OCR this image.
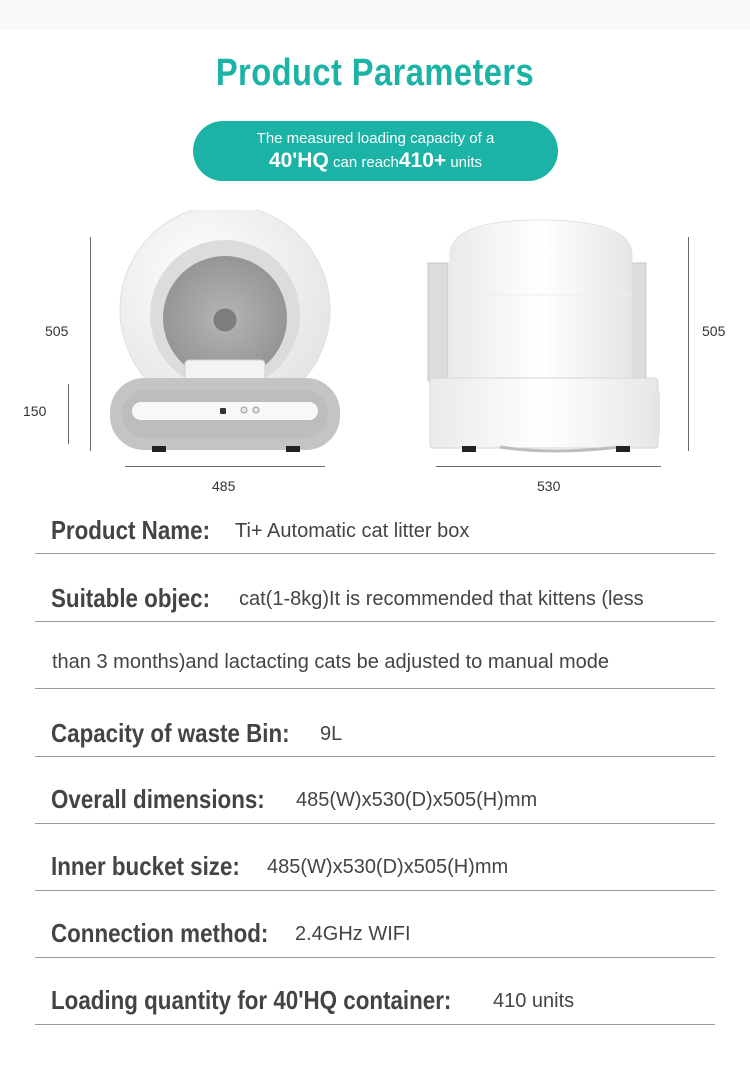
Product Parameters
The measured loading capacity of a
40'HQ can reach410+ units
505
150
485
505
530
Product Name: Ti+ Automatic cat litter box
Suitable objec: cat(1-8kg)It is recommended that kittens (less
than 3 months)and lactacting cats be adjusted to manual mode
Capacity of waste Bin: 9L
Overall dimensions: 485(W)x530(D)x505(H)mm
Inner bucket size: 485(W)x530(D)x505(H)mm
Connection method: 2.4GHz WIFI
Loading quantity for 40'HQ container: 410 units
